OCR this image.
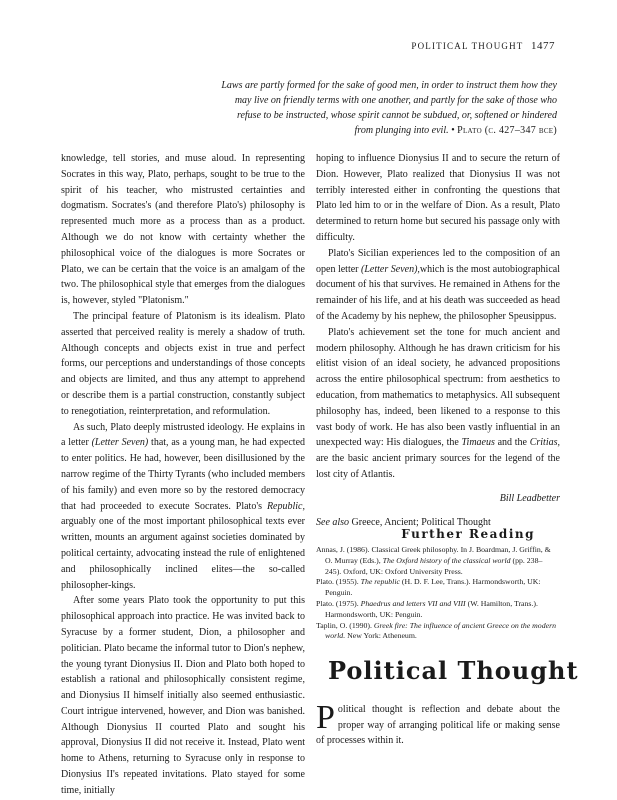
POLITICAL THOUGHT 1477
Laws are partly formed for the sake of good men, in order to instruct them how they may live on friendly terms with one another, and partly for the sake of those who refuse to be instructed, whose spirit cannot be subdued, or, softened or hindered from plunging into evil. • Plato (c. 427–347 bce)

knowledge, tell stories, and muse aloud. In representing Socrates in this way, Plato, perhaps, sought to be true to the spirit of his teacher, who mistrusted certainties and dogmatism. Socrates's (and therefore Plato's) philosophy is represented much more as a process than as a product. Although we do not know with certainty whether the philosophical voice of the dialogues is more Socrates or Plato, we can be certain that the voice is an amalgam of the two. The philosophical style that emerges from the dialogues is, however, styled "Platonism."

The principal feature of Platonism is its idealism. Plato asserted that perceived reality is merely a shadow of truth. Although concepts and objects exist in true and perfect forms, our perceptions and understandings of those concepts and objects are limited, and thus any attempt to apprehend or describe them is a partial construction, constantly subject to renegotiation, reinterpretation, and reformulation.

As such, Plato deeply mistrusted ideology. He explains in a letter (Letter Seven) that, as a young man, he had expected to enter politics. He had, however, been disillusioned by the narrow regime of the Thirty Tyrants (who included members of his family) and even more so by the restored democracy that had proceeded to execute Socrates. Plato's Republic, arguably one of the most important philosophical texts ever written, mounts an argument against societies dominated by political certainty, advocating instead the rule of enlightened and philosophically inclined elites—the so-called philosopher-kings.

After some years Plato took the opportunity to put this philosophical approach into practice. He was invited back to Syracuse by a former student, Dion, a philosopher and politician. Plato became the informal tutor to Dion's nephew, the young tyrant Dionysius II. Dion and Plato both hoped to establish a rational and philosophically consistent regime, and Dionysius II himself initially also seemed enthusiastic. Court intrigue intervened, however, and Dion was banished. Although Dionysius II courted Plato and sought his approval, Dionysius II did not receive it. Instead, Plato went home to Athens, returning to Syracuse only in response to Dionysius II's repeated invitations. Plato stayed for some time, initially

hoping to influence Dionysius II and to secure the return of Dion. However, Plato realized that Dionysius II was not terribly interested either in confronting the questions that Plato led him to or in the welfare of Dion. As a result, Plato determined to return home but secured his passage only with difficulty.

Plato's Sicilian experiences led to the composition of an open letter (Letter Seven),which is the most autobiographical document of his that survives. He remained in Athens for the remainder of his life, and at his death was succeeded as head of the Academy by his nephew, the philosopher Speusippus.

Plato's achievement set the tone for much ancient and modern philosophy. Although he has drawn criticism for his elitist vision of an ideal society, he advanced propositions across the entire philosophical spectrum: from aesthetics to education, from mathematics to metaphysics. All subsequent philosophy has, indeed, been likened to a response to this vast body of work. He has also been vastly influential in an unexpected way: His dialogues, the Timaeus and the Critias, are the basic ancient primary sources for the legend of the lost city of Atlantis.

Bill Leadbetter

See also Greece, Ancient; Political Thought

Further Reading

Annas, J. (1986). Classical Greek philosophy. In J. Boardman, J. Griffin, & O. Murray (Eds.), The Oxford history of the classical world (pp. 238–245). Oxford, UK: Oxford University Press.

Plato. (1955). The republic (H. D. F. Lee, Trans.). Harmondsworth, UK: Penguin.

Plato. (1975). Phaedrus and letters VII and VIII (W. Hamilton, Trans.). Harmondsworth, UK: Penguin.

Taplin, O. (1990). Greek fire: The influence of ancient Greece on the modern world. New York: Atheneum.

Political Thought
Political thought is reflection and debate about the proper way of arranging political life or making sense of processes within it.
